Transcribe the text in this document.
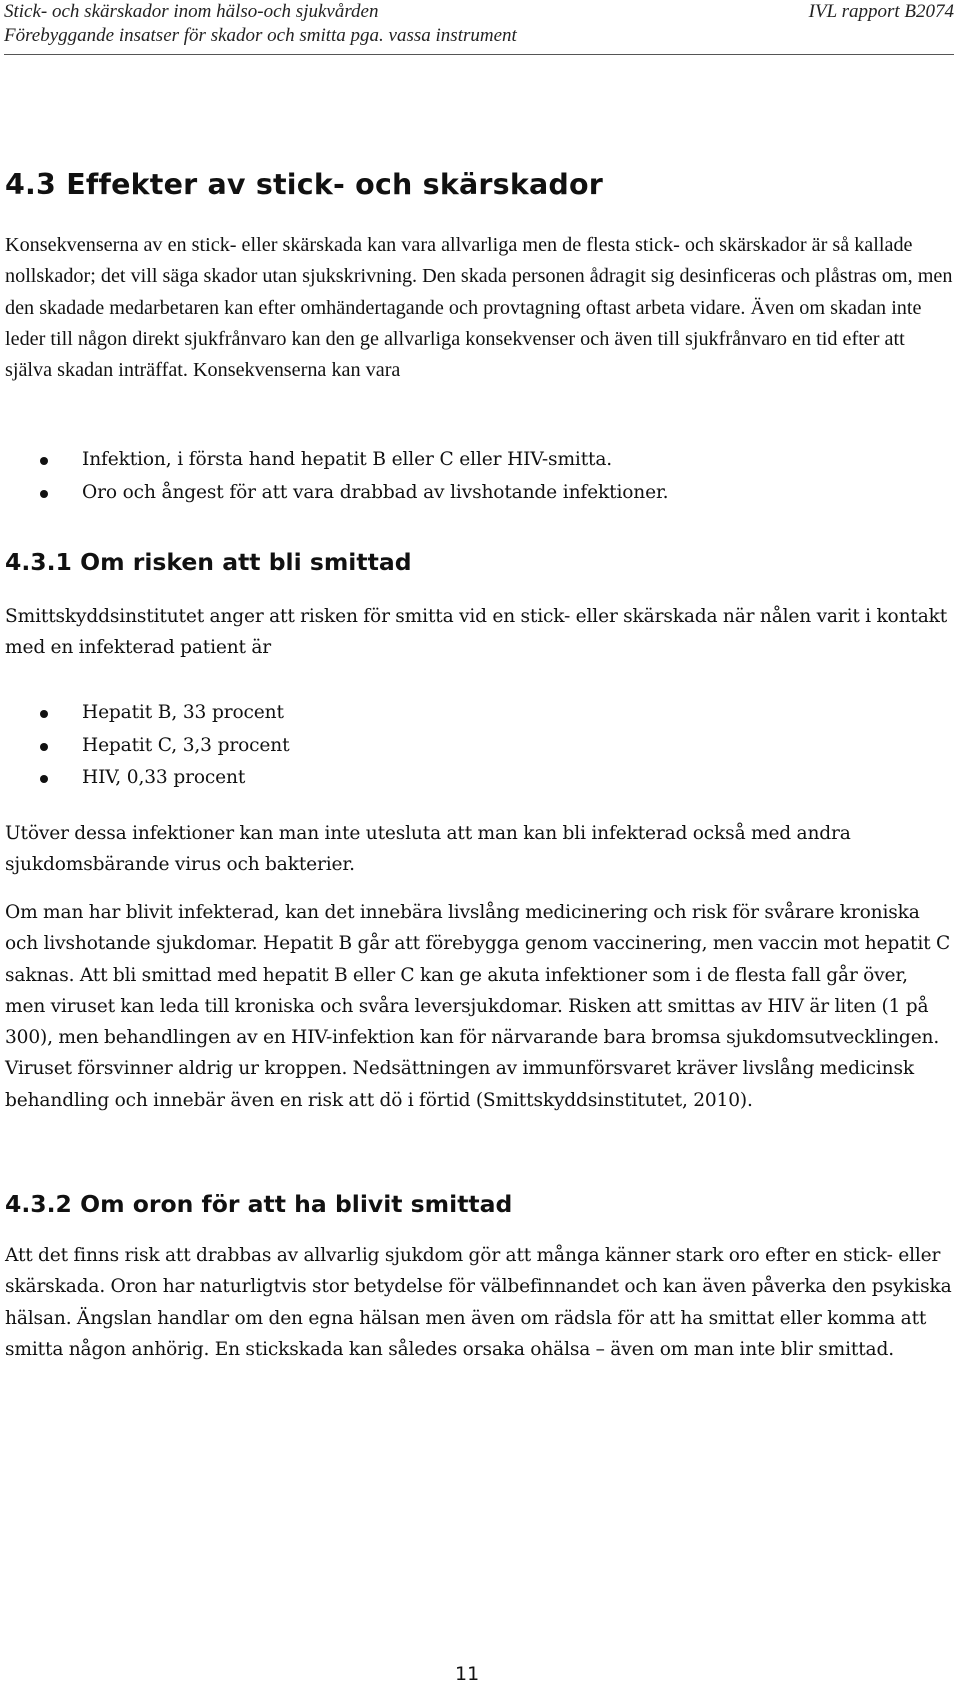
Stick- och skärskador inom hälso-och sjukvården
Förebyggande insatser för skador och smitta pga. vassa instrument
IVL rapport B2074
4.3 Effekter av stick- och skärskador

Konsekvenserna av en stick- eller skärskada kan vara allvarliga men de flesta stick- och skärskador är så kallade nollskador; det vill säga skador utan sjukskrivning. Den skada personen ådragit sig desinficeras och plåstras om, men den skadade medarbetaren kan efter omhändertagande och provtagning oftast arbeta vidare. Även om skadan inte leder till någon direkt sjukfrånvaro kan den ge allvarliga konsekvenser och även till sjukfrånvaro en tid efter att själva skadan inträffat. Konsekvenserna kan vara

Infektion, i första hand hepatit B eller C eller HIV-smitta.
Oro och ångest för att vara drabbad av livshotande infektioner.
4.3.1 Om risken att bli smittad

Smittskyddsinstitutet anger att risken för smitta vid en stick- eller skärskada när nålen varit i kontakt med en infekterad patient är

Hepatit B, 33 procent
Hepatit C, 3,3 procent
HIV, 0,33 procent

Utöver dessa infektioner kan man inte utesluta att man kan bli infekterad också med andra sjukdomsbärande virus och bakterier.

Om man har blivit infekterad, kan det innebära livslång medicinering och risk för svårare kroniska och livshotande sjukdomar. Hepatit B går att förebygga genom vaccinering, men vaccin mot hepatit C saknas. Att bli smittad med hepatit B eller C kan ge akuta infektioner som i de flesta fall går över, men viruset kan leda till kroniska och svåra leversjukdomar. Risken att smittas av HIV är liten (1 på 300), men behandlingen av en HIV-infektion kan för närvarande bara bromsa sjukdomsutvecklingen. Viruset försvinner aldrig ur kroppen. Nedsättningen av immunförsvaret kräver livslång medicinsk behandling och innebär även en risk att dö i förtid (Smittskyddsinstitutet, 2010).

4.3.2 Om oron för att ha blivit smittad

Att det finns risk att drabbas av allvarlig sjukdom gör att många känner stark oro efter en stick- eller skärskada. Oron har naturligtvis stor betydelse för välbefinnandet och kan även påverka den psykiska hälsan. Ängslan handlar om den egna hälsan men även om rädsla för att ha smittat eller komma att smitta någon anhörig. En stickskada kan således orsaka ohälsa – även om man inte blir smittad.

11
